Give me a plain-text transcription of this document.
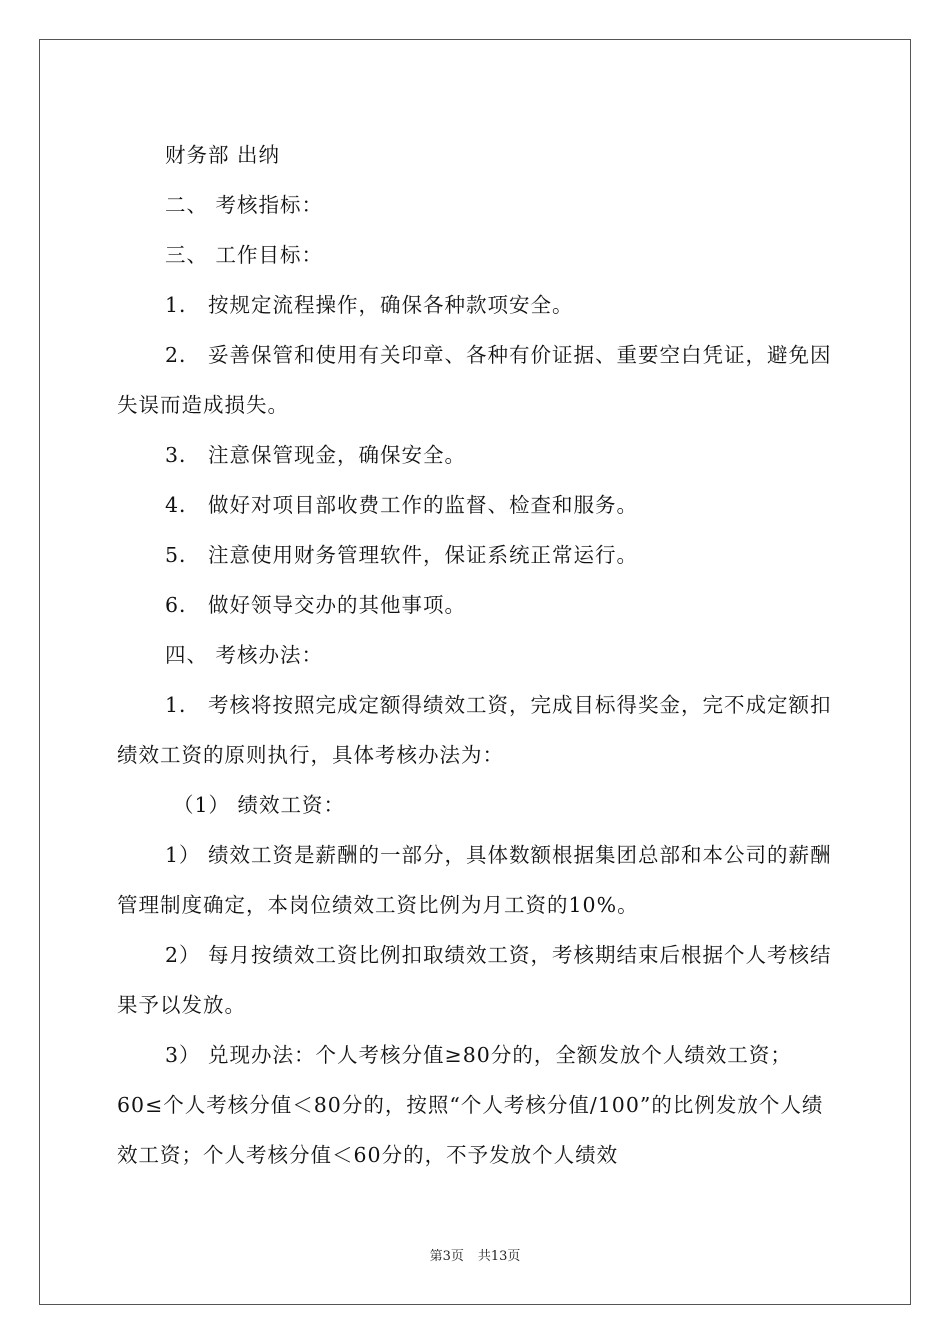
财务部 出纳

二、 考核指标：

三、 工作目标：

1． 按规定流程操作，确保各种款项安全。

2． 妥善保管和使用有关印章、各种有价证据、重要空白凭证，避免因失误而造成损失。

3． 注意保管现金，确保安全。

4． 做好对项目部收费工作的监督、检查和服务。

5． 注意使用财务管理软件，保证系统正常运行。

6． 做好领导交办的其他事项。

四、 考核办法：

1． 考核将按照完成定额得绩效工资，完成目标得奖金，完不成定额扣绩效工资的原则执行，具体考核办法为：

（1） 绩效工资：

1） 绩效工资是薪酬的一部分，具体数额根据集团总部和本公司的薪酬管理制度确定，本岗位绩效工资比例为月工资的10%。

2） 每月按绩效工资比例扣取绩效工资，考核期结束后根据个人考核结果予以发放。

3） 兑现办法：个人考核分值≥80分的，全额发放个人绩效工资；60≤个人考核分值＜80分的，按照“个人考核分值/100”的比例发放个人绩效工资；个人考核分值＜60分的，不予发放个人绩效

第3页 共13页
